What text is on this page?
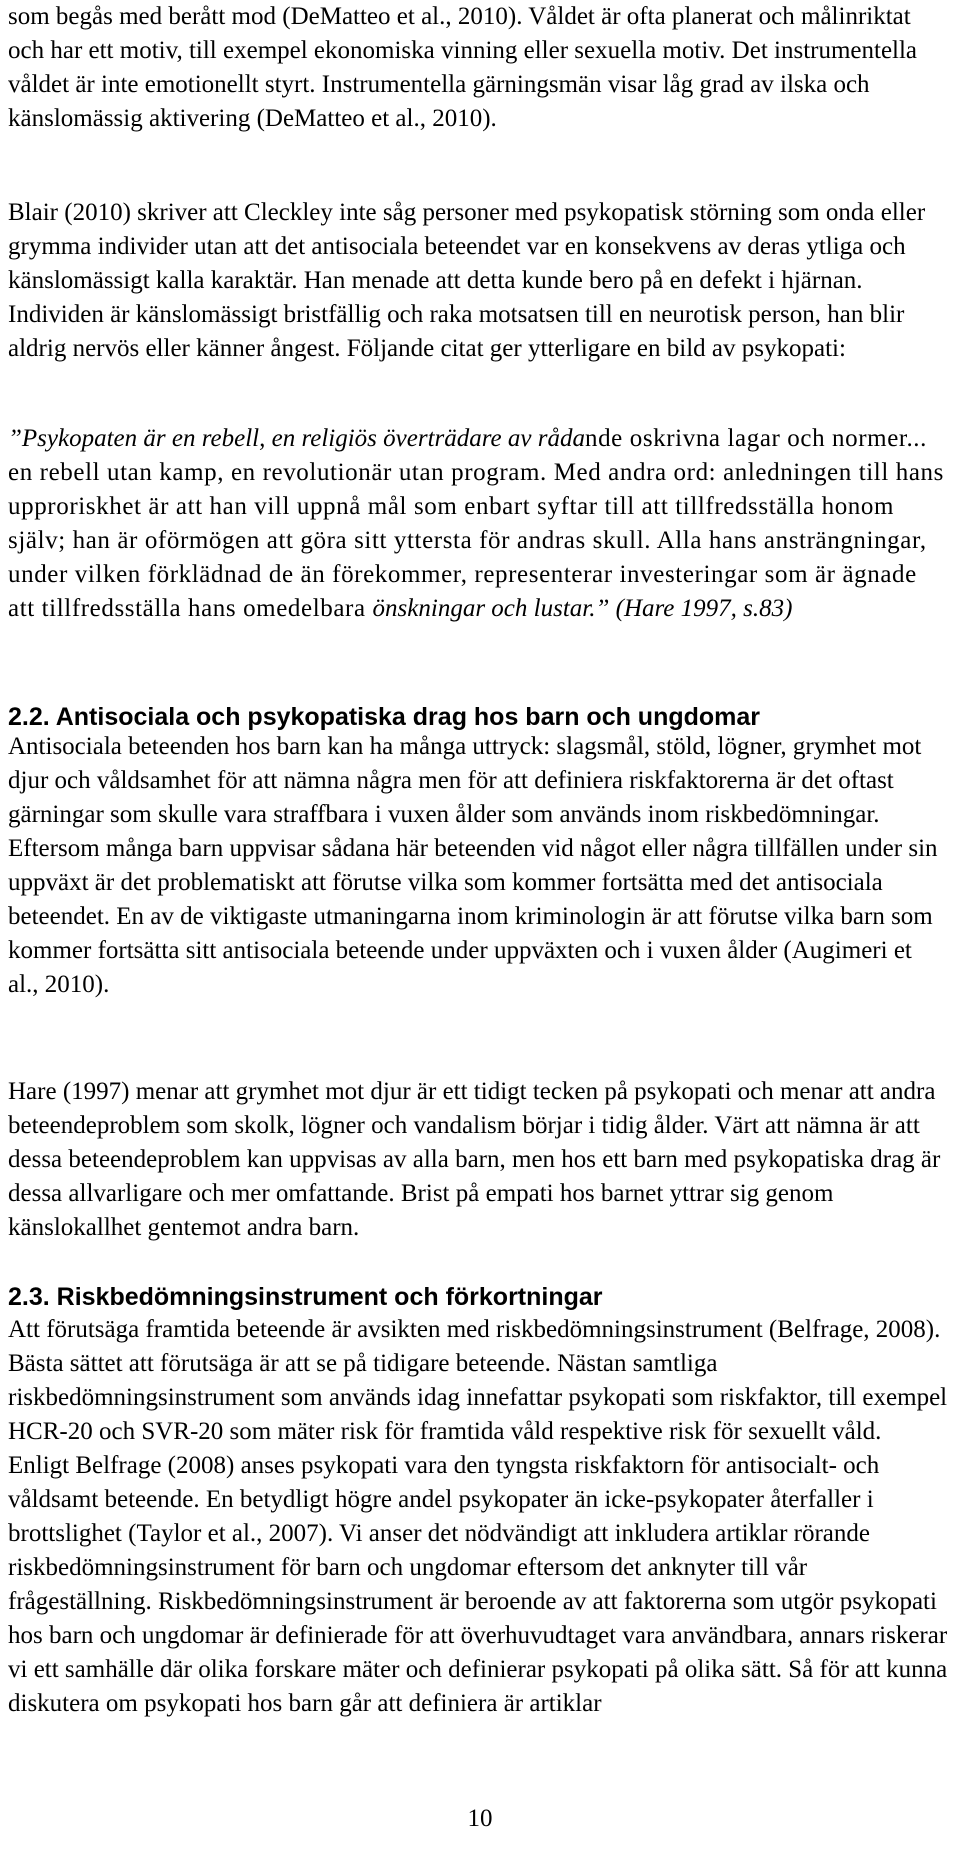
som begås med berått mod (DeMatteo et al., 2010). Våldet är ofta planerat och målinriktat och har ett motiv, till exempel ekonomiska vinning eller sexuella motiv. Det instrumentella våldet är inte emotionellt styrt. Instrumentella gärningsmän visar låg grad av ilska och känslomässig aktivering (DeMatteo et al., 2010).

Blair (2010) skriver att Cleckley inte såg personer med psykopatisk störning som onda eller grymma individer utan att det antisociala beteendet var en konsekvens av deras ytliga och känslomässigt kalla karaktär. Han menade att detta kunde bero på en defekt i hjärnan. Individen är känslomässigt bristfällig och raka motsatsen till en neurotisk person, han blir aldrig nervös eller känner ångest. Följande citat ger ytterligare en bild av psykopati:

”Psykopaten är en rebell, en religiös överträdare av rådande oskrivna lagar och normer... en rebell utan kamp, en revolutionär utan program. Med andra ord: anledningen till hans upproriskhet är att han vill uppnå mål som enbart syftar till att tillfredsställa honom själv; han är oförmögen att göra sitt yttersta för andras skull. Alla hans ansträngningar, under vilken förklädnad de än förekommer, representerar investeringar som är ägnade att tillfredsställa hans omedelbara önskningar och lustar.” (Hare 1997, s.83)

2.2. Antisociala och psykopatiska drag hos barn och ungdomar

Antisociala beteenden hos barn kan ha många uttryck: slagsmål, stöld, lögner, grymhet mot djur och våldsamhet för att nämna några men för att definiera riskfaktorerna är det oftast gärningar som skulle vara straffbara i vuxen ålder som används inom riskbedömningar. Eftersom många barn uppvisar sådana här beteenden vid något eller några tillfällen under sin uppväxt är det problematiskt att förutse vilka som kommer fortsätta med det antisociala beteendet. En av de viktigaste utmaningarna inom kriminologin är att förutse vilka barn som kommer fortsätta sitt antisociala beteende under uppväxten och i vuxen ålder (Augimeri et al., 2010).

Hare (1997) menar att grymhet mot djur är ett tidigt tecken på psykopati och menar att andra beteendeproblem som skolk, lögner och vandalism börjar i tidig ålder. Värt att nämna är att dessa beteendeproblem kan uppvisas av alla barn, men hos ett barn med psykopatiska drag är dessa allvarligare och mer omfattande. Brist på empati hos barnet yttrar sig genom känslokallhet gentemot andra barn.

2.3. Riskbedömningsinstrument och förkortningar

Att förutsäga framtida beteende är avsikten med riskbedömningsinstrument (Belfrage, 2008). Bästa sättet att förutsäga är att se på tidigare beteende. Nästan samtliga riskbedömningsinstrument som används idag innefattar psykopati som riskfaktor, till exempel HCR-20 och SVR-20 som mäter risk för framtida våld respektive risk för sexuellt våld. Enligt Belfrage (2008) anses psykopati vara den tyngsta riskfaktorn för antisocialt- och våldsamt beteende. En betydligt högre andel psykopater än icke-psykopater återfaller i brottslighet (Taylor et al., 2007). Vi anser det nödvändigt att inkludera artiklar rörande riskbedömningsinstrument för barn och ungdomar eftersom det anknyter till vår frågeställning. Riskbedömningsinstrument är beroende av att faktorerna som utgör psykopati hos barn och ungdomar är definierade för att överhuvudtaget vara användbara, annars riskerar vi ett samhälle där olika forskare mäter och definierar psykopati på olika sätt. Så för att kunna diskutera om psykopati hos barn går att definiera är artiklar

10
